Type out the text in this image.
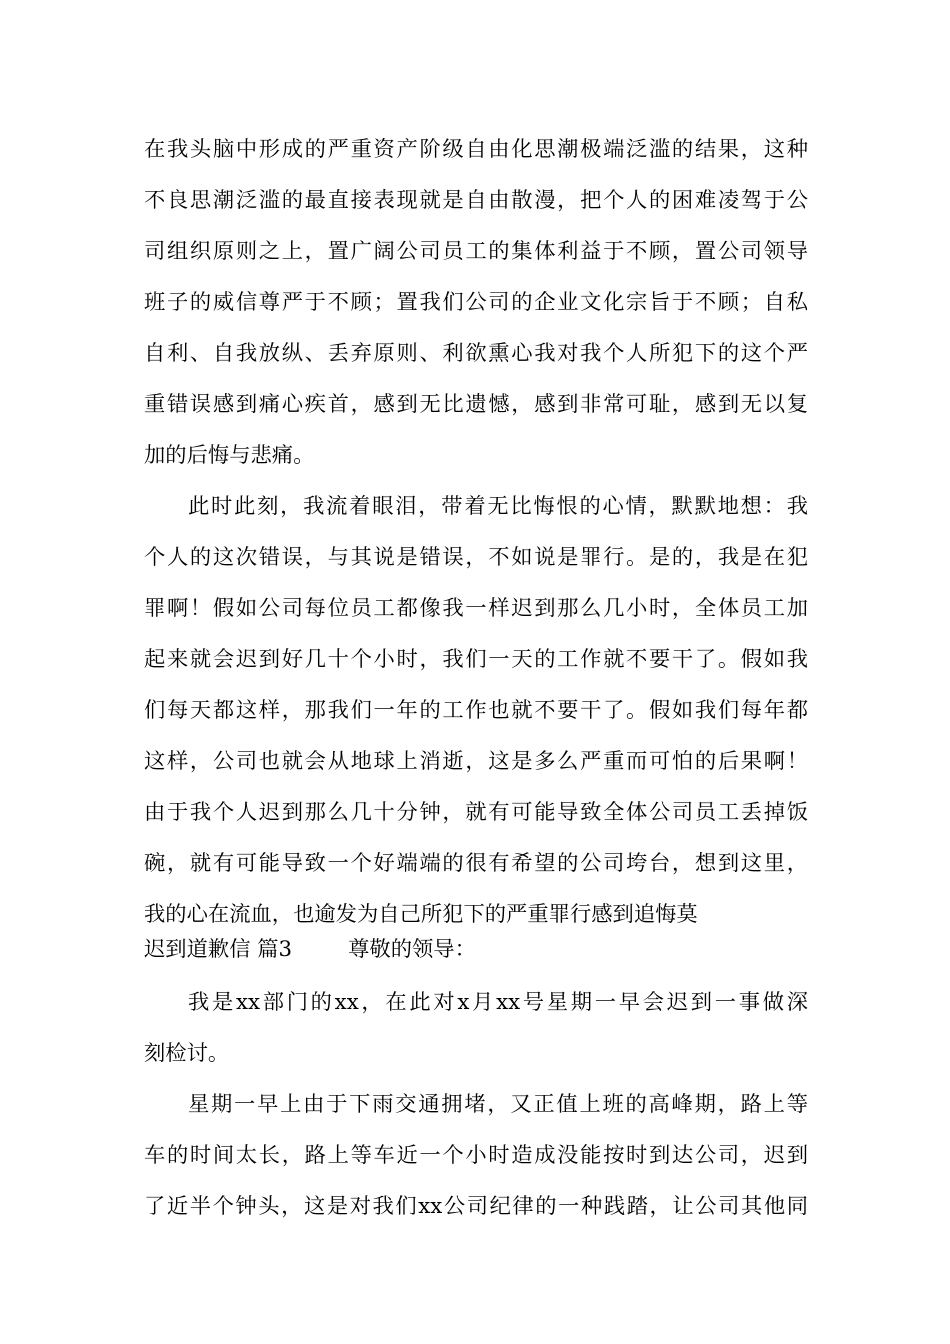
在我头脑中形成的严重资产阶级自由化思潮极端泛滥的结果，这种
不良思潮泛滥的最直接表现就是自由散漫，把个人的困难凌驾于公
司组织原则之上，置广阔公司员工的集体利益于不顾，置公司领导
班子的威信尊严于不顾；置我们公司的企业文化宗旨于不顾；自私
自利、自我放纵、丢弃原则、利欲熏心我对我个人所犯下的这个严
重错误感到痛心疾首，感到无比遗憾，感到非常可耻，感到无以复
加的后悔与悲痛。
此时此刻，我流着眼泪，带着无比悔恨的心情，默默地想：我
个人的这次错误，与其说是错误，不如说是罪行。是的，我是在犯
罪啊！假如公司每位员工都像我一样迟到那么几小时，全体员工加
起来就会迟到好几十个小时，我们一天的工作就不要干了。假如我
们每天都这样，那我们一年的工作也就不要干了。假如我们每年都
这样，公司也就会从地球上消逝，这是多么严重而可怕的后果啊！
由于我个人迟到那么几十分钟，就有可能导致全体公司员工丢掉饭
碗，就有可能导致一个好端端的很有希望的公司垮台，想到这里，
我的心在流血，也逾发为自己所犯下的严重罪行感到追悔莫
迟到道歉信 篇3	尊敬的领导：
我是xx部门的xx，在此对x月xx号星期一早会迟到一事做深
刻检讨。
星期一早上由于下雨交通拥堵，又正值上班的高峰期，路上等
车的时间太长，路上等车近一个小时造成没能按时到达公司，迟到
了近半个钟头，这是对我们xx公司纪律的一种践踏，让公司其他同
